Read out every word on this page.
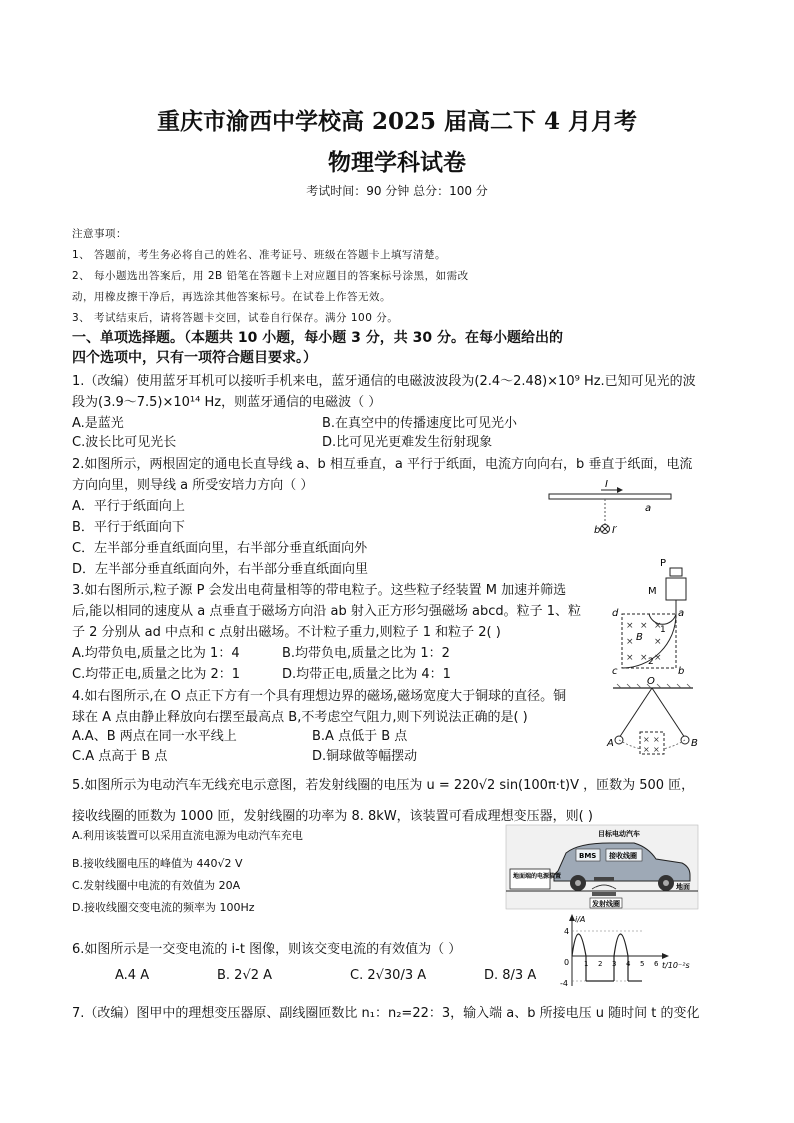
重庆市渝西中学校高 2025 届高二下 4 月月考
物理学科试卷
考试时间：90 分钟 总分：100 分
注意事项：
1、 答题前，考生务必将自己的姓名、准考证号、班级在答题卡上填写清楚。
2、 每小题选出答案后，用 2B 铅笔在答题卡上对应题目的答案标号涂黑，如需改
动，用橡皮擦干净后，再选涂其他答案标号。在试卷上作答无效。
3、 考试结束后，请将答题卡交回，试卷自行保存。满分 100 分。
一、单项选择题。（本题共 10 小题，每小题 3 分，共 30 分。在每小题给出的
四个选项中，只有一项符合题目要求。）
1.（改编）使用蓝牙耳机可以接听手机来电，蓝牙通信的电磁波波段为(2.4～2.48)×10⁹ Hz.已知可见光的波
段为(3.9～7.5)×10¹⁴ Hz，则蓝牙通信的电磁波（ ）
A.是蓝光	B.在真空中的传播速度比可见光小
C.波长比可见光长	D.比可见光更难发生衍射现象
2.如图所示，两根固定的通电长直导线 a、b 相互垂直，a 平行于纸面，电流方向向右，b 垂直于纸面，电流
方向向里，则导线 a 所受安培力方向（ ）
A．平行于纸面向上
B．平行于纸面向下
C．左半部分垂直纸面向里，右半部分垂直纸面向外
D．左半部分垂直纸面向外，右半部分垂直纸面向里
I
a
b I′
3.如右图所示,粒子源 P 会发出电荷量相等的带电粒子。这些粒子经装置 M 加速并筛选
后,能以相同的速度从 a 点垂直于磁场方向沿 ab 射入正方形匀强磁场 abcd。粒子 1、粒
子 2 分别从 ad 中点和 c 点射出磁场。不计粒子重力,则粒子 1 和粒子 2( )
A.均带负电,质量之比为 1：4	B.均带负电,质量之比为 1：2
C.均带正电,质量之比为 2：1	D.均带正电,质量之比为 4：1
P
M
a
b
c
d
× × ×
× ×
× × ×
B
1
2
4.如右图所示,在 O 点正下方有一个具有理想边界的磁场,磁场宽度大于铜球的直径。铜
球在 A 点由静止释放向右摆至最高点 B,不考虑空气阻力,则下列说法正确的是( )
A.A、B 两点在同一水平线上	B.A 点低于 B 点
C.A 点高于 B 点	D.铜球做等幅摆动
O
× ×
× ×
A	B
5.如图所示为电动汽车无线充电示意图，若发射线圈的电压为 u = 220√2 sin(100π·t)V ，匝数为 500 匝，
接收线圈的匝数为 1000 匝，发射线圈的功率为 8. 8kW，该装置可看成理想变压器，则( )
A.利用该装置可以采用直流电源为电动汽车充电
B.接收线圈电压的峰值为 440√2 V
C.发射线圈中电流的有效值为 20A
D.接收线圈交变电流的频率为 100Hz
目标电动汽车
BMS 接收线圈
地面端的电源装置
地面
发射线圈
6.如图所示是一交变电流的 i-t 图像，则该交变电流的有效值为（ ）
A.4 A	B. 2√2 A	C. 2√30/3 A	D. 8/3 A
i/A
t/10⁻²s
4
-4
0 1 2 3 4 5 6
7.（改编）图甲中的理想变压器原、副线圈匝数比 n₁：n₂=22：3，输入端 a、b 所接电压 u 随时间 t 的变化
